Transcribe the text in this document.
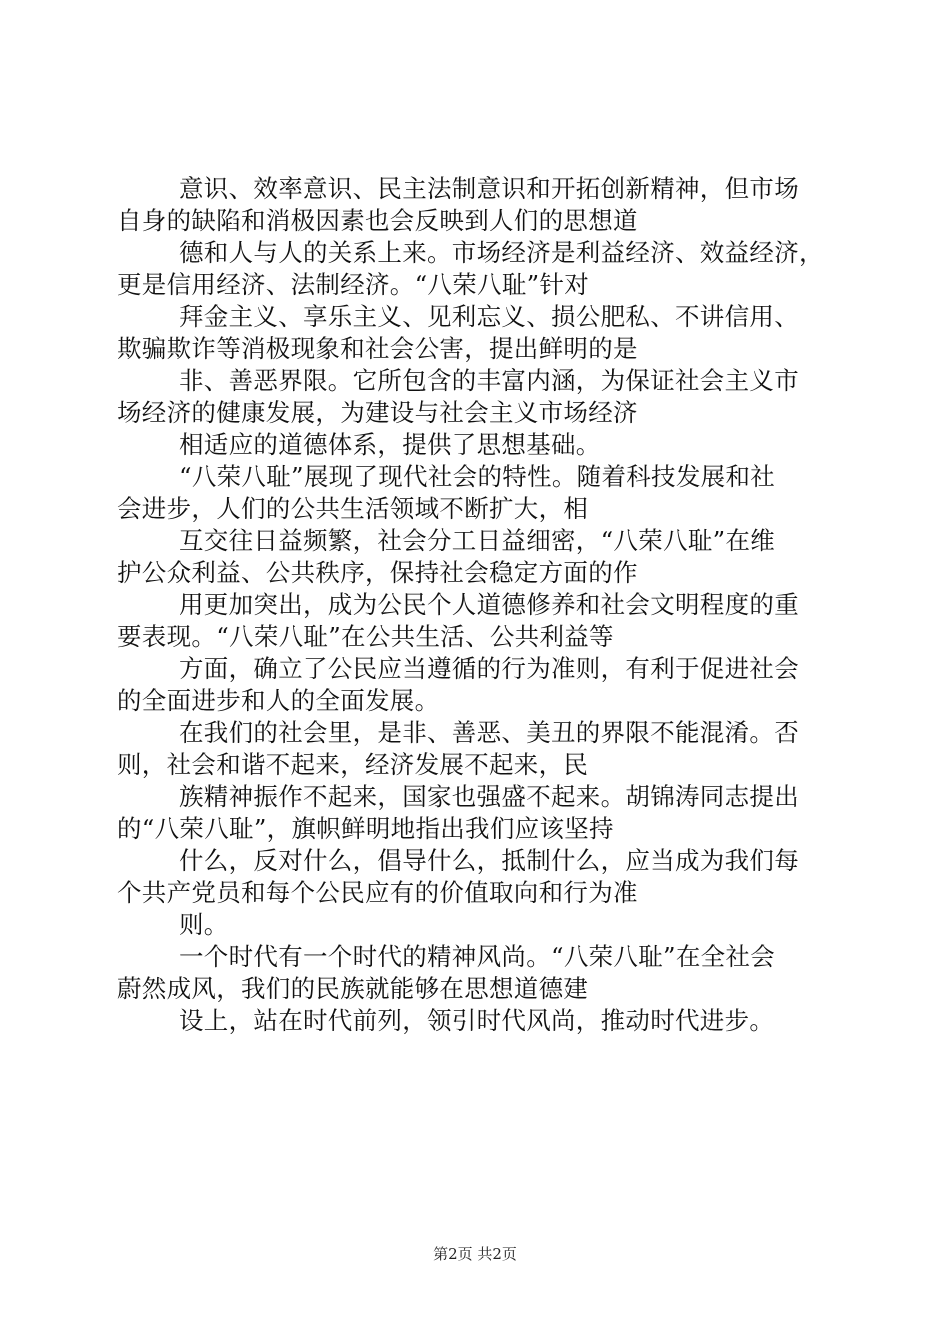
意识、效率意识、民主法制意识和开拓创新精神，但市场
自身的缺陷和消极因素也会反映到人们的思想道
德和人与人的关系上来。市场经济是利益经济、效益经济，
更是信用经济、法制经济。“八荣八耻”针对
拜金主义、享乐主义、见利忘义、损公肥私、不讲信用、
欺骗欺诈等消极现象和社会公害，提出鲜明的是
非、善恶界限。它所包含的丰富内涵，为保证社会主义市
场经济的健康发展，为建设与社会主义市场经济
相适应的道德体系，提供了思想基础。
“八荣八耻”展现了现代社会的特性。随着科技发展和社
会进步，人们的公共生活领域不断扩大，相
互交往日益频繁，社会分工日益细密，“八荣八耻”在维
护公众利益、公共秩序，保持社会稳定方面的作
用更加突出，成为公民个人道德修养和社会文明程度的重
要表现。“八荣八耻”在公共生活、公共利益等
方面，确立了公民应当遵循的行为准则，有利于促进社会
的全面进步和人的全面发展。
在我们的社会里，是非、善恶、美丑的界限不能混淆。否
则，社会和谐不起来，经济发展不起来，民
族精神振作不起来，国家也强盛不起来。胡锦涛同志提出
的“八荣八耻”，旗帜鲜明地指出我们应该坚持
什么，反对什么，倡导什么，抵制什么，应当成为我们每
个共产党员和每个公民应有的价值取向和行为准
则。
一个时代有一个时代的精神风尚。“八荣八耻”在全社会
蔚然成风，我们的民族就能够在思想道德建
设上，站在时代前列，领引时代风尚，推动时代进步。
第2页 共2页
